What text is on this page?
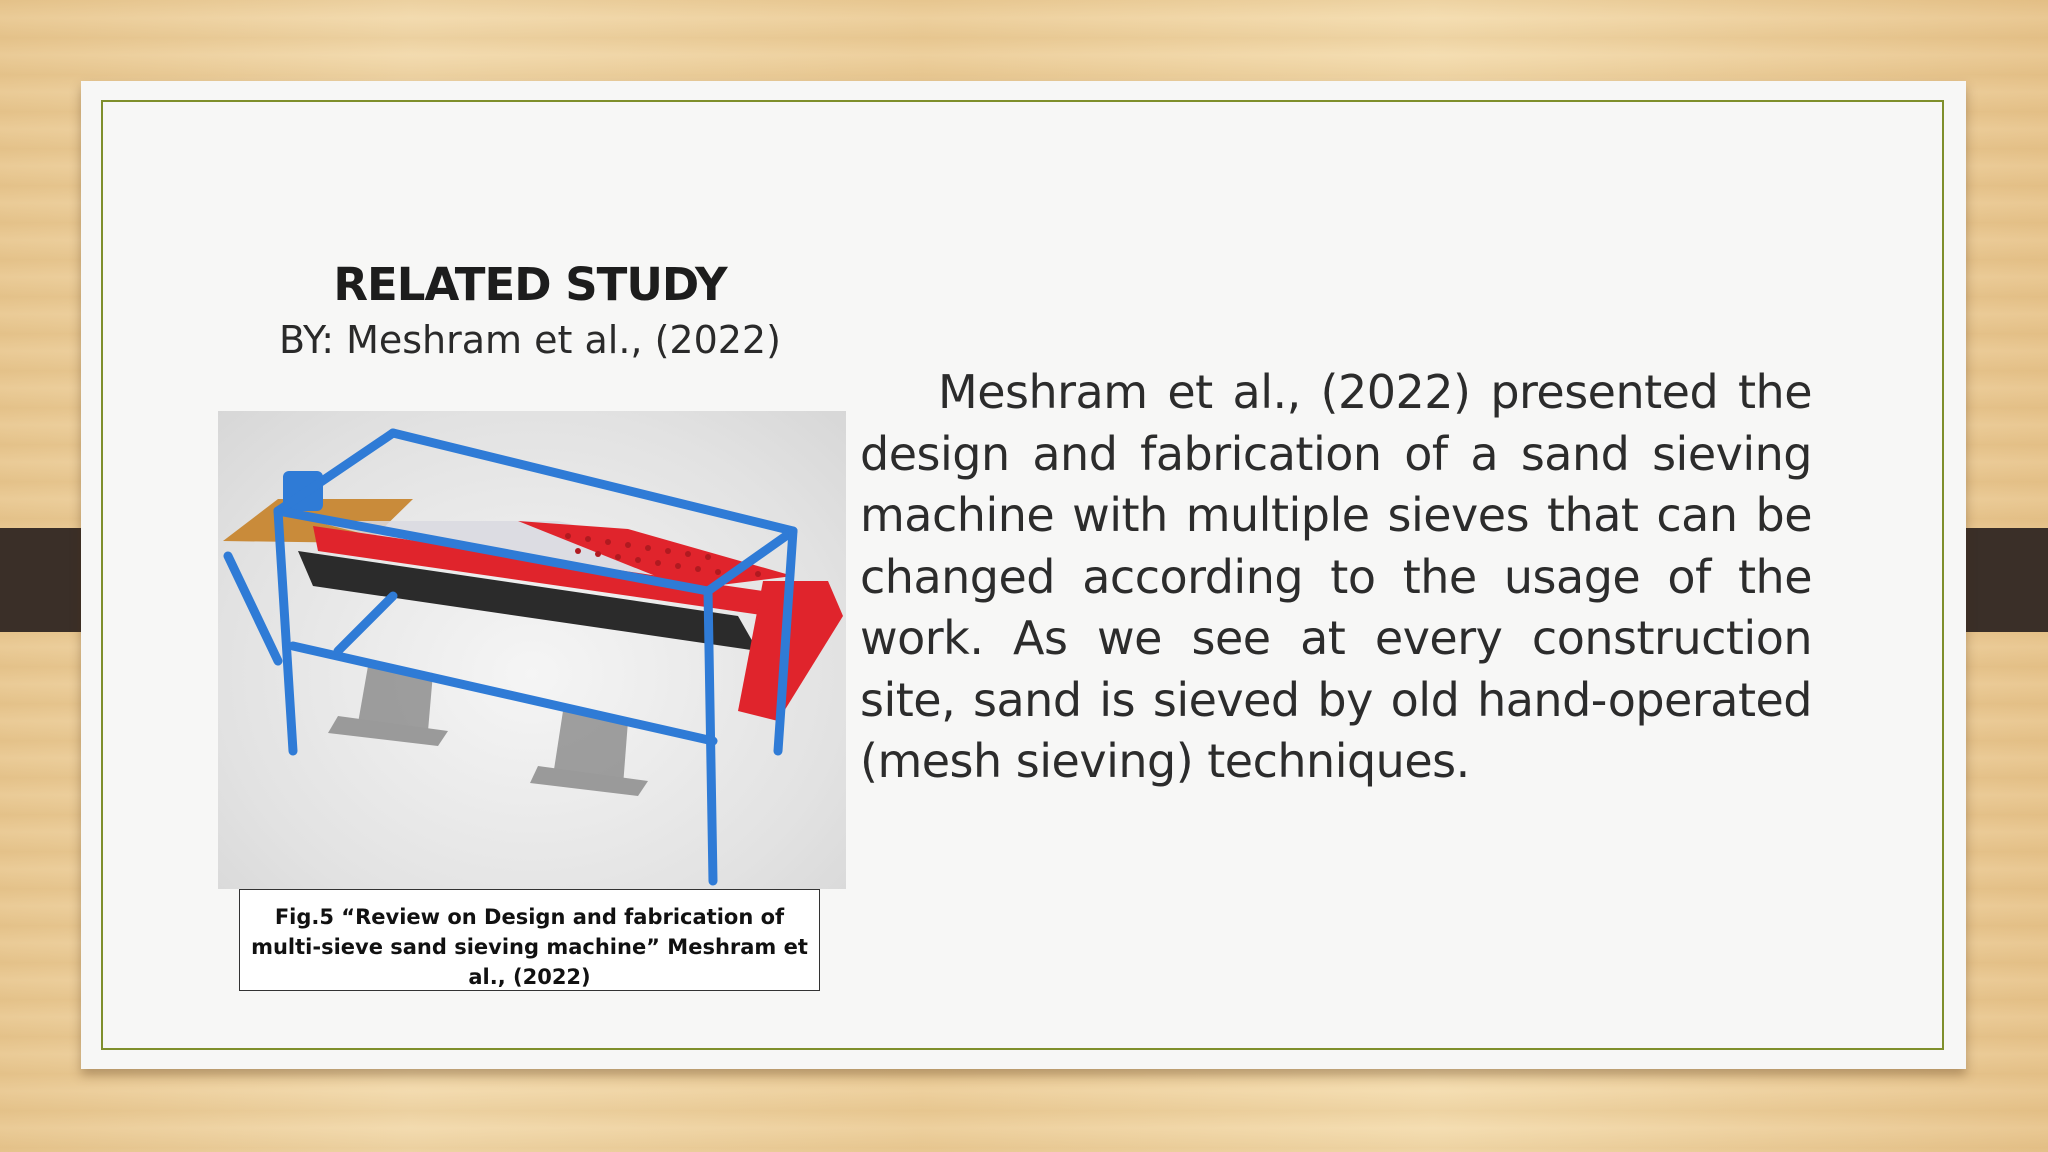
RELATED STUDY
BY: Meshram et al., (2022)
Fig.5 “Review on Design and fabrication of multi-sieve sand sieving machine” Meshram et al., (2022)
Meshram et al., (2022) presented the design and fabrication of a sand sieving machine with multiple sieves that can be changed according to the usage of the work. As we see at every construction site, sand is sieved by old hand-operated (mesh sieving) techniques.
